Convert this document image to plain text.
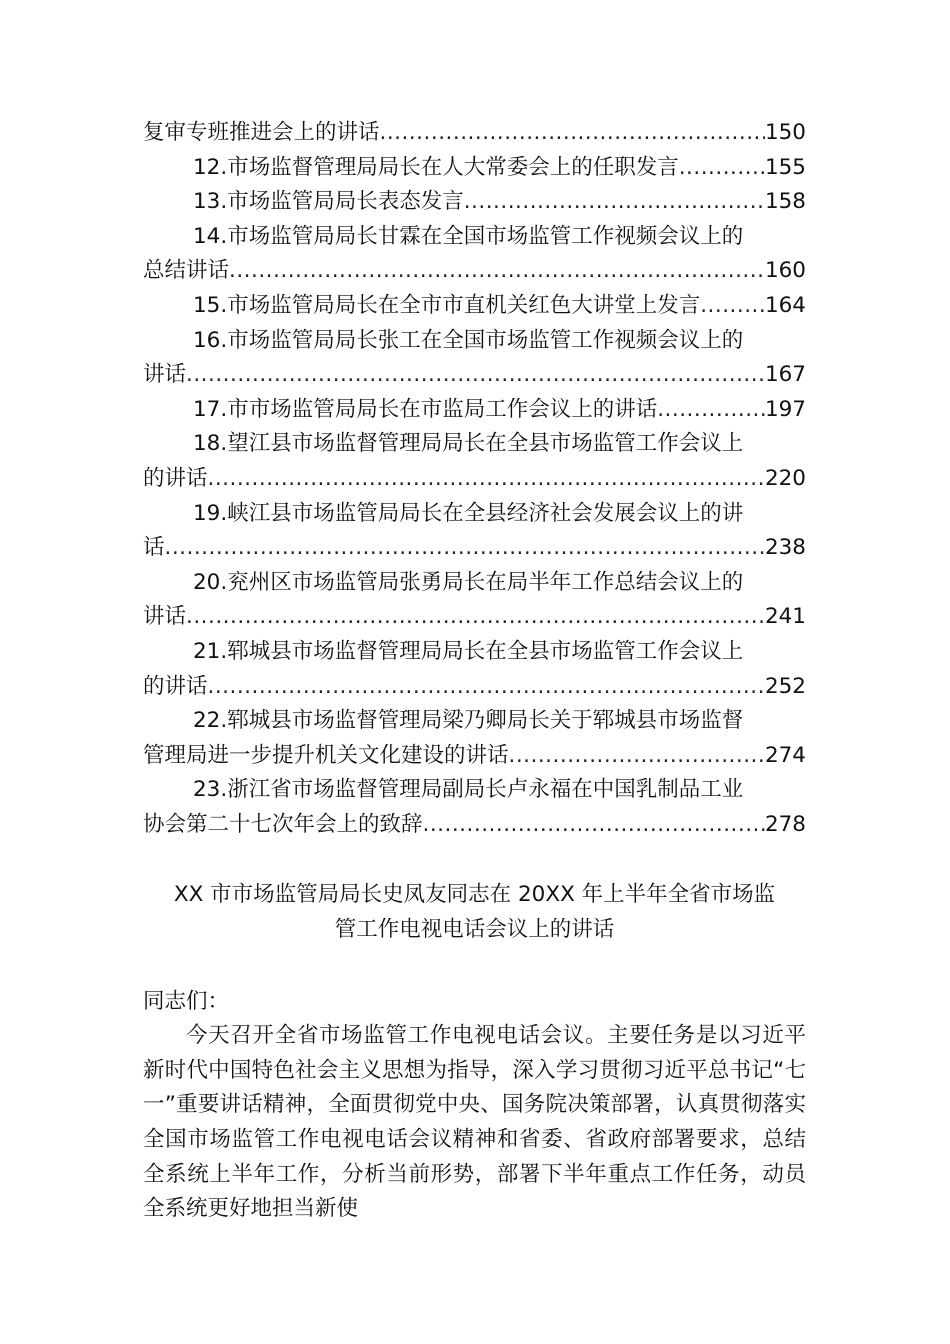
复审专班推进会上的讲话 .....	150
12.市场监督管理局局长在人大常委会上的任职发言 .....	155
13.市场监管局局长表态发言 .....	158
14.市场监管局局长甘霖在全国市场监管工作视频会议上的
总结讲话 .....	160
15.市场监管局局长在全市市直机关红色大讲堂上发言 .....	164
16.市场监管局局长张工在全国市场监管工作视频会议上的
讲话 .....	167
17.市市场监管局局长在市监局工作会议上的讲话 .....	197
18.望江县市场监督管理局局长在全县市场监管工作会议上
的讲话 .....	220
19.峡江县市场监管局局长在全县经济社会发展会议上的讲
话 .....	238
20.兖州区市场监管局张勇局长在局半年工作总结会议上的
讲话 .....	241
21.郓城县市场监督管理局局长在全县市场监管工作会议上
的讲话 .....	252
22.郓城县市场监督管理局梁乃卿局长关于郓城县市场监督
管理局进一步提升机关文化建设的讲话 .....	274
23.浙江省市场监督管理局副局长卢永福在中国乳制品工业
协会第二十七次年会上的致辞 .....	278
XX 市市场监管局局长史凤友同志在 20XX 年上半年全省市场监
管工作电视电话会议上的讲话
同志们：

今天召开全省市场监管工作电视电话会议。主要任务是以习近平新时代中国特色社会主义思想为指导，深入学习贯彻习近平总书记“七一”重要讲话精神，全面贯彻党中央、国务院决策部署，认真贯彻落实全国市场监管工作电视电话会议精神和省委、省政府部署要求，总结全系统上半年工作，分析当前形势，部署下半年重点工作任务，动员全系统更好地担当新使
